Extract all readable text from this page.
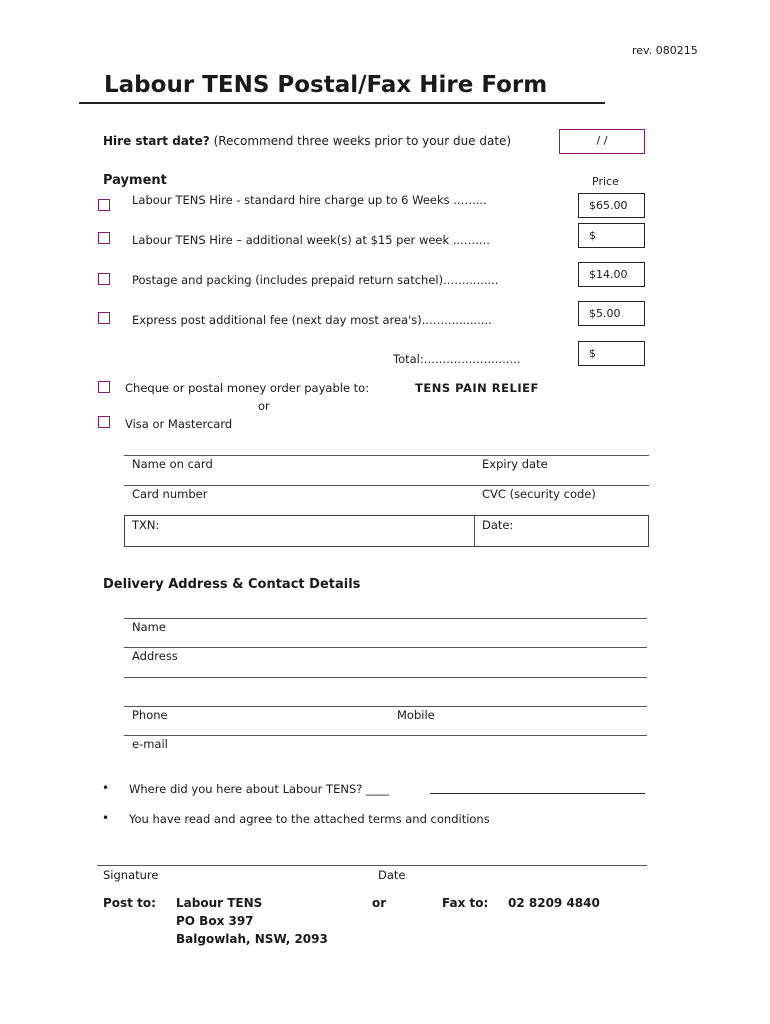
rev. 080215
Labour TENS Postal/Fax Hire Form
Hire start date? (Recommend three weeks prior to your due date)	/ /
Payment	Price
Labour TENS Hire - standard hire charge up to 6 Weeks ..…....	$65.00
Labour TENS Hire – additional week(s) at $15 per week ...…....	$
Postage and packing (includes prepaid return satchel)..…..........	$14.00
Express post additional fee (next day most area's)...….............	$5.00
Total:.…....…...….........	$
Cheque or postal money order payable to:	TENS PAIN RELIEF
or
Visa or Mastercard
Name on card	Expiry date
Card number	CVC (security code)
TXN:	Date:
Delivery Address & Contact Details
Name
Address
Phone	Mobile
e-mail
• Where did you here about Labour TENS? ____
• You have read and agree to the attached terms and conditions
Signature	Date
Post to: Labour TENS
PO Box 397
Balgowlah, NSW, 2093
or	Fax to: 02 8209 4840
